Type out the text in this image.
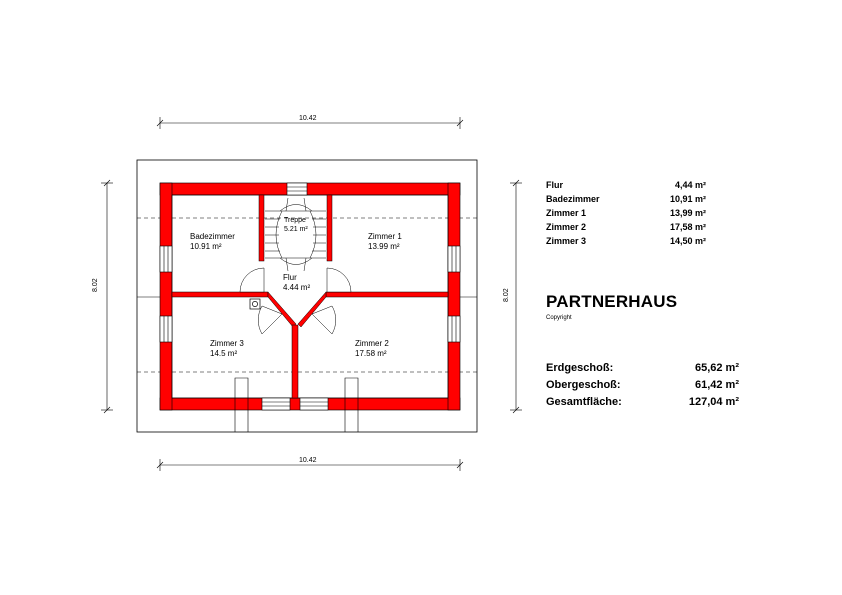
10.42
10.42
8.02
8.02
Badezimmer
10.91 m²
Treppe
5.21 m²
Zimmer 1
13.99 m²
Flur
4.44 m²
Zimmer 3
14.5 m²
Zimmer 2
17.58 m²
Flur	4,44 m²
Badezimmer	10,91 m²
Zimmer 1	13,99 m²
Zimmer 2	17,58 m²
Zimmer 3	14,50 m²
PARTNERHAUS
Copyright
Erdgeschoß:	65,62 m²
Obergeschoß:	61,42 m²
Gesamtfläche:	127,04 m²
